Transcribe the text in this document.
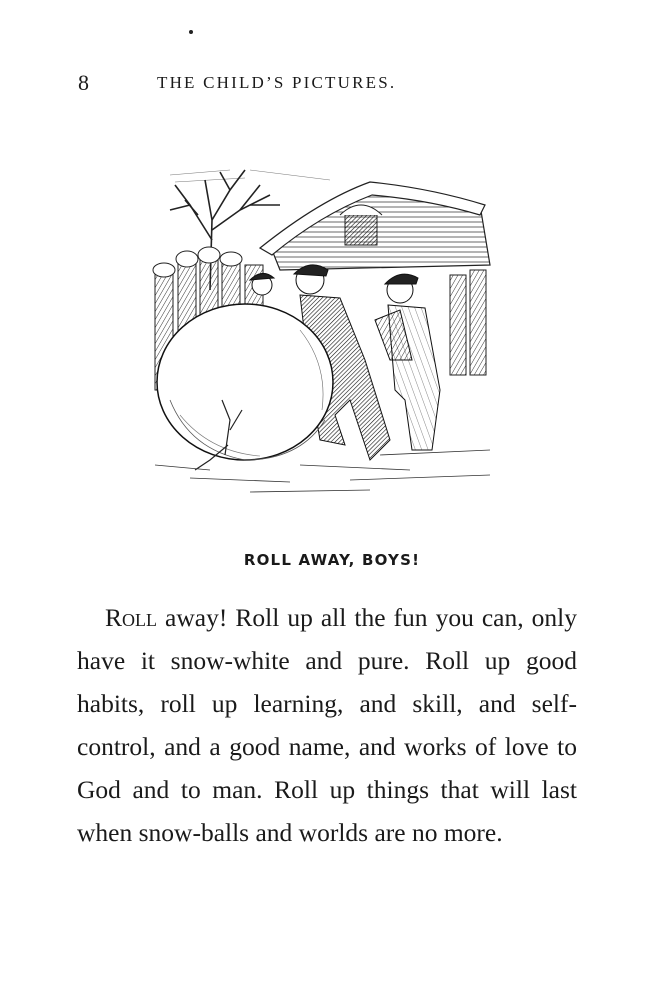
8	THE CHILD’S PICTURES.
ROLL AWAY, BOYS!

Roll away! Roll up all the fun you can, only have it snow-white and pure. Roll up good habits, roll up learning, and skill, and self-control, and a good name, and works of love to God and to man. Roll up things that will last when snow-balls and worlds are no more.
